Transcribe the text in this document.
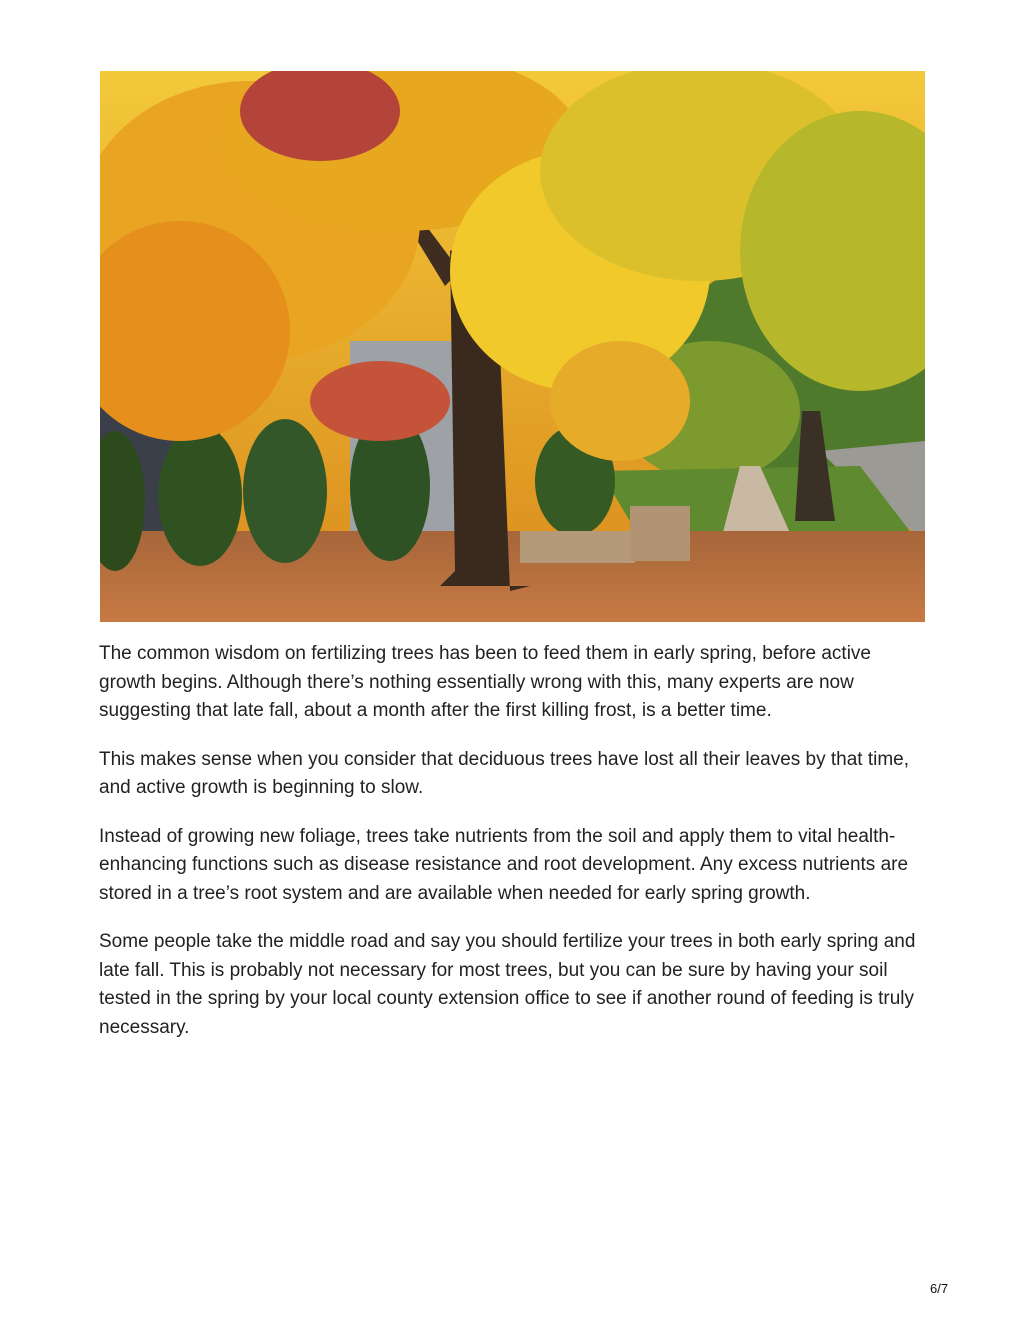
The common wisdom on fertilizing trees has been to feed them in early spring, before active growth begins. Although there’s nothing essentially wrong with this, many experts are now suggesting that late fall, about a month after the first killing frost, is a better time.

This makes sense when you consider that deciduous trees have lost all their leaves by that time, and active growth is beginning to slow.

Instead of growing new foliage, trees take nutrients from the soil and apply them to vital health-enhancing functions such as disease resistance and root development. Any excess nutrients are stored in a tree’s root system and are available when needed for early spring growth.

Some people take the middle road and say you should fertilize your trees in both early spring and late fall. This is probably not necessary for most trees, but you can be sure by having your soil tested in the spring by your local county extension office to see if another round of feeding is truly necessary.

6/7
